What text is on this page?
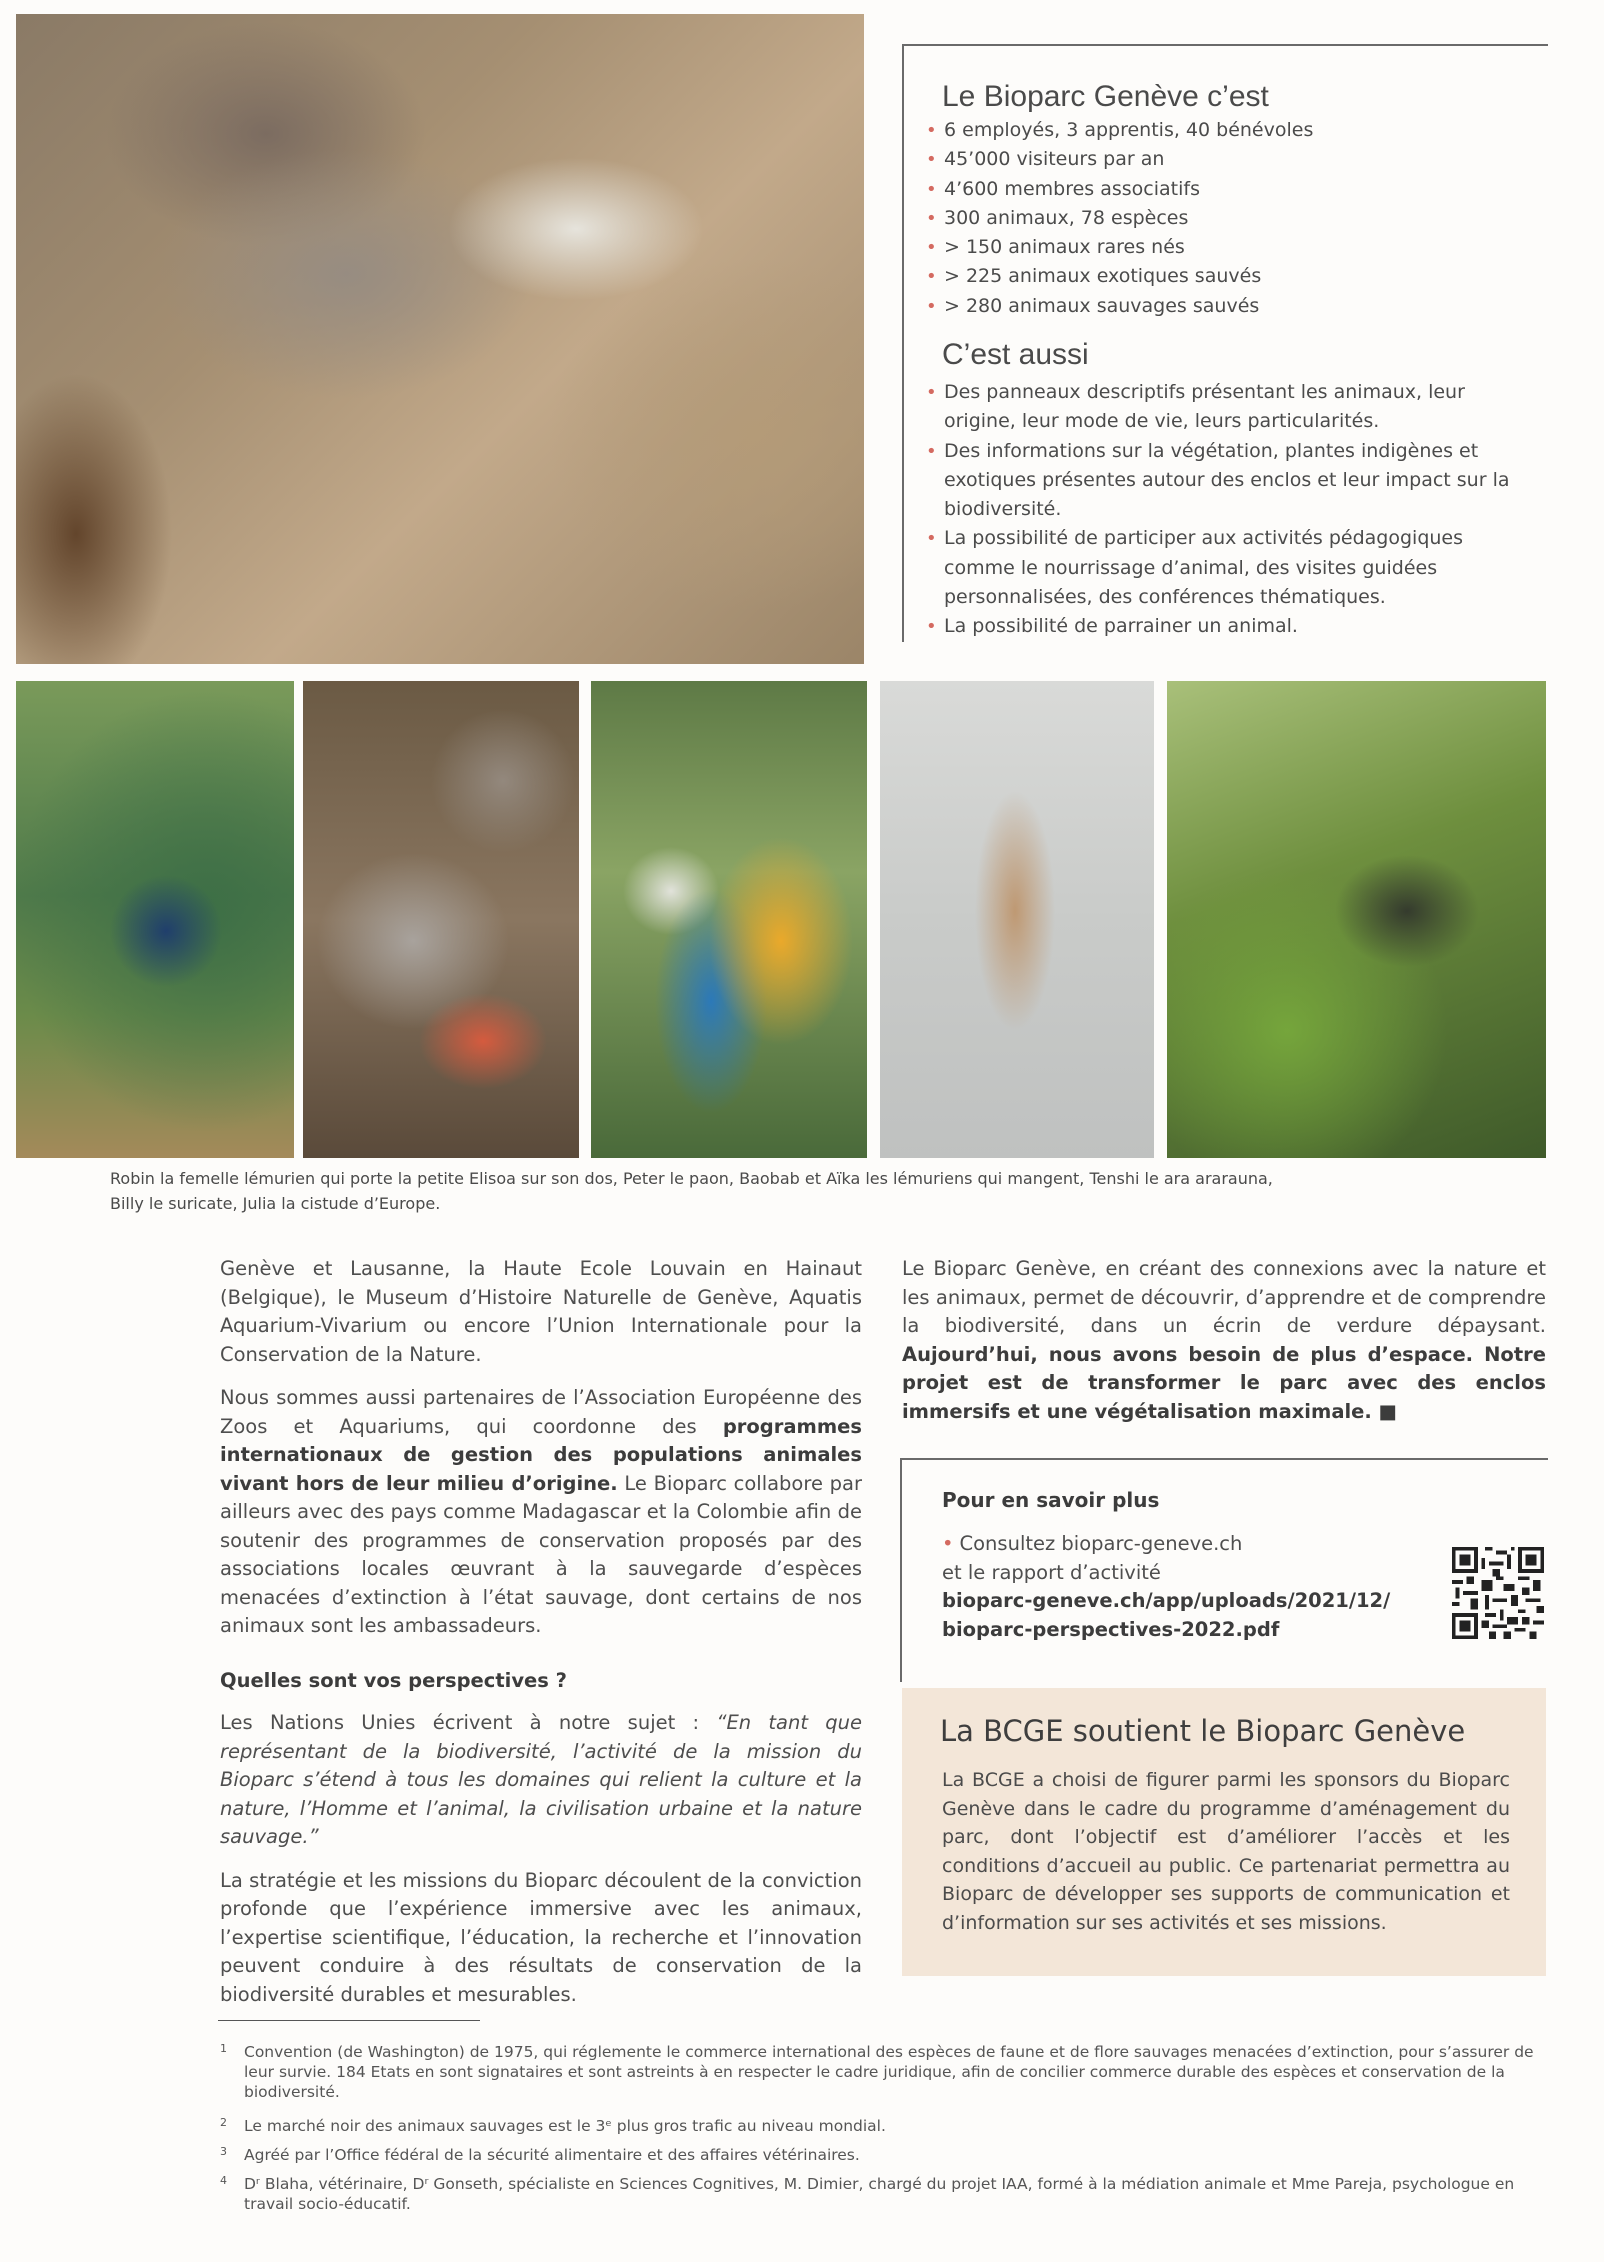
Le Bioparc Genève c’est
• 6 employés, 3 apprentis, 40 bénévoles
• 45’000 visiteurs par an
• 4’600 membres associatifs
• 300 animaux, 78 espèces
• > 150 animaux rares nés
• > 225 animaux exotiques sauvés
• > 280 animaux sauvages sauvés
C’est aussi
• Des panneaux descriptifs présentant les animaux, leur origine, leur mode de vie, leurs particularités.
• Des informations sur la végétation, plantes indigènes et exotiques présentes autour des enclos et leur impact sur la biodiversité.
• La possibilité de participer aux activités pédagogiques comme le nourrissage d’animal, des visites guidées personnalisées, des conférences thématiques.
• La possibilité de parrainer un animal.
Robin la femelle lémurien qui porte la petite Elisoa sur son dos, Peter le paon, Baobab et Aïka les lémuriens qui mangent, Tenshi le ara ararauna,
Billy le suricate, Julia la cistude d’Europe.

Genève et Lausanne, la Haute Ecole Louvain en Hainaut (Belgique), le Museum d’Histoire Naturelle de Genève, Aquatis Aquarium-Vivarium ou encore l’Union Internationale pour la Conservation de la Nature.

Nous sommes aussi partenaires de l’Association Européenne des Zoos et Aquariums, qui coordonne des programmes internationaux de gestion des populations animales vivant hors de leur milieu d’origine. Le Bioparc collabore par ailleurs avec des pays comme Madagascar et la Colombie afin de soutenir des programmes de conservation proposés par des associations locales œuvrant à la sauvegarde d’espèces menacées d’extinction à l’état sauvage, dont certains de nos animaux sont les ambassadeurs.

Quelles sont vos perspectives ?

Les Nations Unies écrivent à notre sujet : “En tant que représentant de la biodiversité, l’activité de la mission du Bioparc s’étend à tous les domaines qui relient la culture et la nature, l’Homme et l’animal, la civilisation urbaine et la nature sauvage.”

La stratégie et les missions du Bioparc découlent de la conviction profonde que l’expérience immersive avec les animaux, l’expertise scientifique, l’éducation, la recherche et l’innovation peuvent conduire à des résultats de conservation de la biodiversité durables et mesurables.

Le Bioparc Genève, en créant des connexions avec la nature et les animaux, permet de découvrir, d’apprendre et de comprendre la biodiversité, dans un écrin de verdure dépaysant. Aujourd’hui, nous avons besoin de plus d’espace. Notre projet est de transformer le parc avec des enclos immersifs et une végétalisation maximale. ■

Pour en savoir plus
• Consultez bioparc-geneve.ch
et le rapport d’activité
bioparc-geneve.ch/app/uploads/2021/12/
bioparc-perspectives-2022.pdf
La BCGE soutient le Bioparc Genève
La BCGE a choisi de figurer parmi les sponsors du Bioparc Genève dans le cadre du programme d’aménagement du parc, dont l’objectif est d’améliorer l’accès et les conditions d’accueil au public. Ce partenariat permettra au Bioparc de développer ses supports de communication et d’information sur ses activités et ses missions.
1 Convention (de Washington) de 1975, qui réglemente le commerce international des espèces de faune et de flore sauvages menacées d’extinction, pour s’assurer de leur survie. 184 Etats en sont signataires et sont astreints à en respecter le cadre juridique, afin de concilier commerce durable des espèces et conservation de la biodiversité.
2 Le marché noir des animaux sauvages est le 3ᵉ plus gros trafic au niveau mondial.
3 Agréé par l’Office fédéral de la sécurité alimentaire et des affaires vétérinaires.
4 Dʳ Blaha, vétérinaire, Dʳ Gonseth, spécialiste en Sciences Cognitives, M. Dimier, chargé du projet IAA, formé à la médiation animale et Mme Pareja, psychologue en travail socio-éducatif.
